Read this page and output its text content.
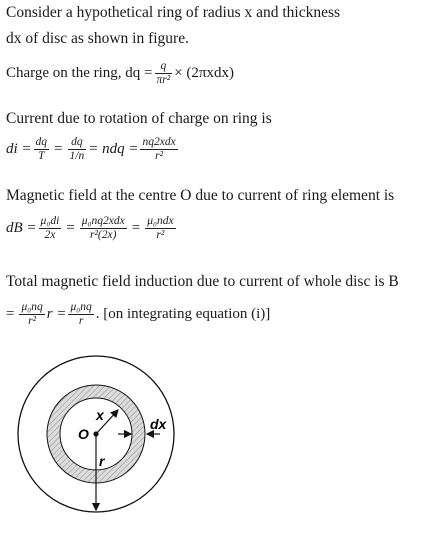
Consider a hypothetical ring of radius x and thickness
dx of disc as shown in figure.
Charge on the ring, dq = $\frac{q}{\text{πr²}} \times (2\pi xdx)$
Current due to rotation of charge on ring is
di = $\frac{dq}{T} = \frac{dq}{1/n}$ = ndq = $\frac{\text{nq2xdx}}{\text{r²}}$
Magnetic field at the centre O due to current of ring element is
dB = $\frac{\text{μ₀di}}{2x} = \frac{\text{μ₀nq2xdx}}{\text{r²(2x)}} = \frac{\text{μ₀ndx}}{\text{r²}}$
Total magnetic field induction due to current of whole disc is B
= $\frac{\text{μ₀nq}}{\text{r²}}$ $r = \frac{\text{μ₀nq}}{r}$ . [on integrating equation (i)]
x
O
dx
r
